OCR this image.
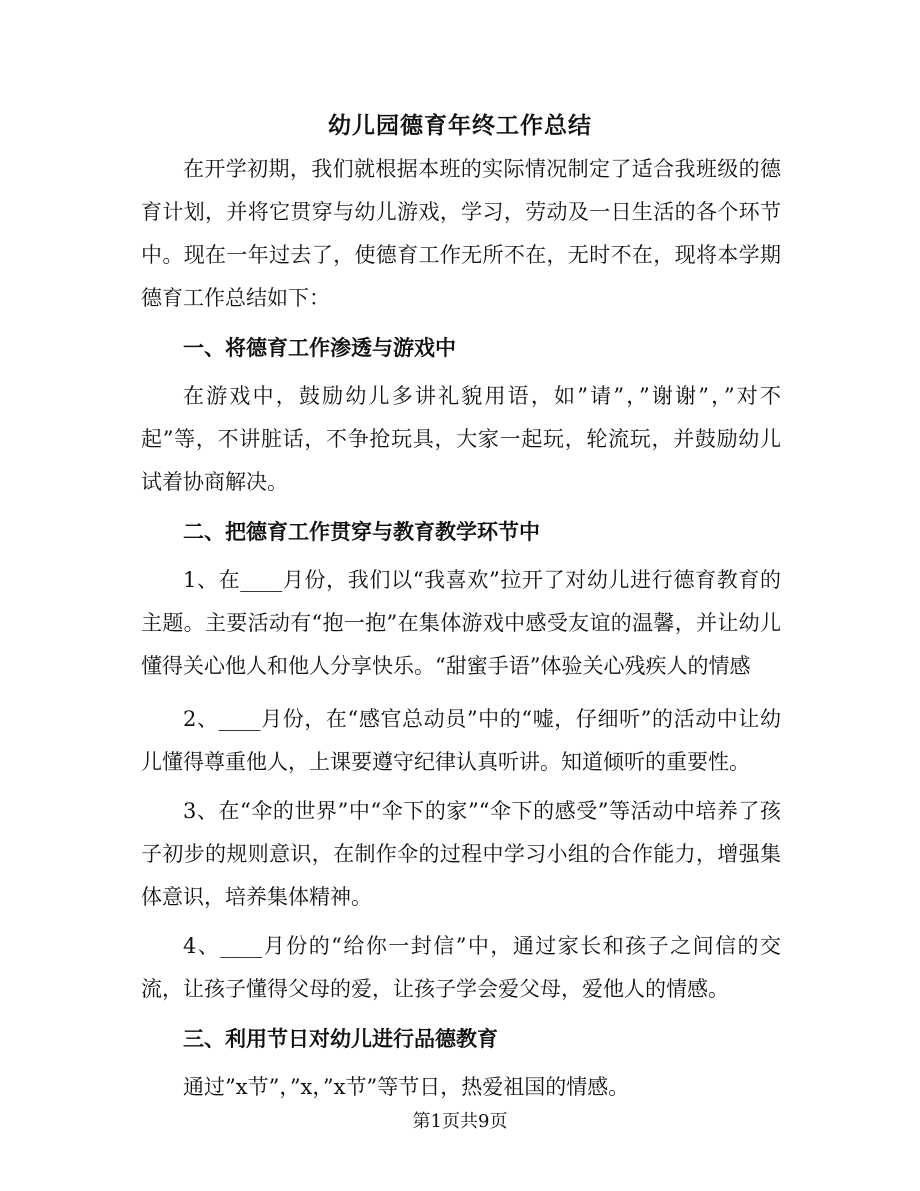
幼儿园德育年终工作总结

在开学初期，我们就根据本班的实际情况制定了适合我班级的德育计划，并将它贯穿与幼儿游戏，学习，劳动及一日生活的各个环节中。现在一年过去了，使德育工作无所不在，无时不在，现将本学期德育工作总结如下：

一、将德育工作渗透与游戏中

在游戏中，鼓励幼儿多讲礼貌用语，如”请”，”谢谢”，”对不起”等，不讲脏话，不争抢玩具，大家一起玩，轮流玩，并鼓励幼儿试着协商解决。

二、把德育工作贯穿与教育教学环节中

1、在____月份，我们以“我喜欢”拉开了对幼儿进行德育教育的主题。主要活动有“抱一抱”在集体游戏中感受友谊的温馨，并让幼儿懂得关心他人和他人分享快乐。“甜蜜手语”体验关心残疾人的情感

2、____月份，在“感官总动员”中的“嘘，仔细听”的活动中让幼儿懂得尊重他人，上课要遵守纪律认真听讲。知道倾听的重要性。

3、在“伞的世界”中“伞下的家”“伞下的感受”等活动中培养了孩子初步的规则意识，在制作伞的过程中学习小组的合作能力，增强集体意识，培养集体精神。

4、____月份的“给你一封信”中，通过家长和孩子之间信的交流，让孩子懂得父母的爱，让孩子学会爱父母，爱他人的情感。

三、利用节日对幼儿进行品德教育

通过”x节”，”x，”x节”等节日，热爱祖国的情感。

第1页共9页
